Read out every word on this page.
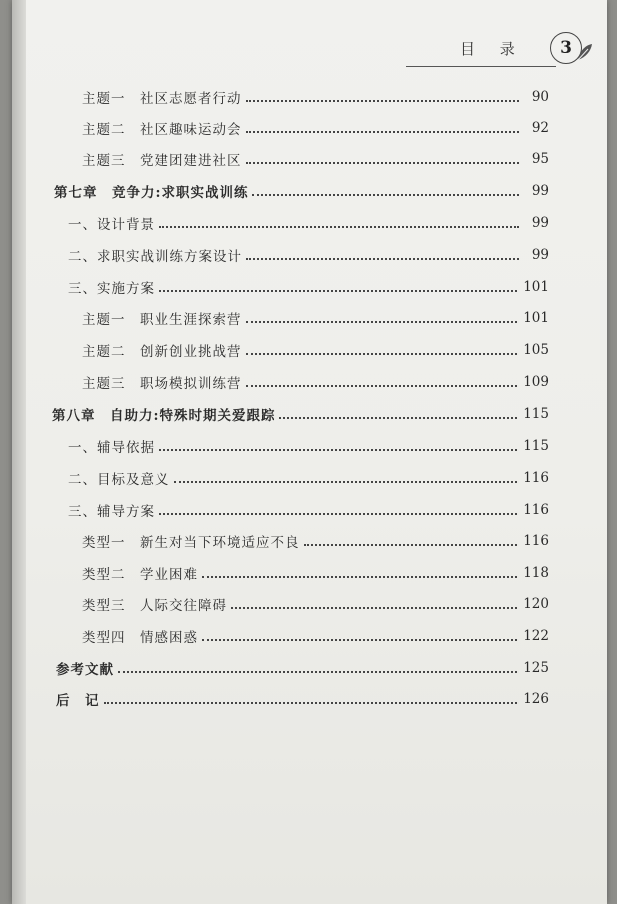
目 录	3
主题一　社区志愿者行动	90
主题二　社区趣味运动会	92
主题三　党建团建进社区	95
第七章　竞争力:求职实战训练	99
一、设计背景	99
二、求职实战训练方案设计	99
三、实施方案	101
主题一　职业生涯探索营	101
主题二　创新创业挑战营	105
主题三　职场模拟训练营	109
第八章　自助力:特殊时期关爱跟踪	115
一、辅导依据	115
二、目标及意义	116
三、辅导方案	116
类型一　新生对当下环境适应不良	116
类型二　学业困难	118
类型三　人际交往障碍	120
类型四　情感困惑	122
参考文献	125
后　记	126
